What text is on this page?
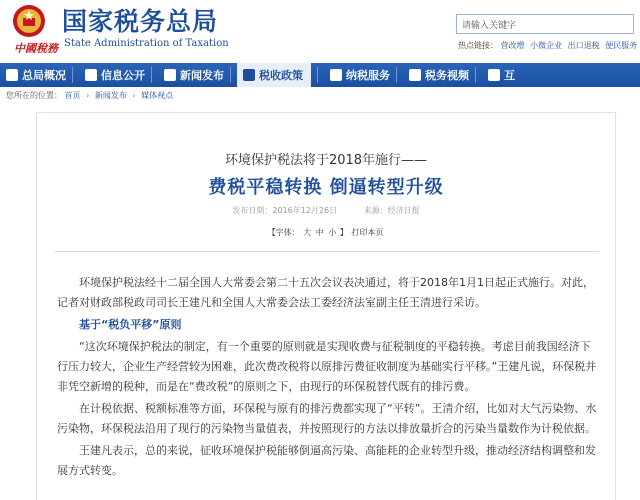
中國稅務
国家税务总局
State Administration of Taxation
请输入关键字
热点链接： 营改增 小微企业 出口退税 便民服务
总局概况	信息公开	新闻发布	税收政策	纳税服务	税务视频	互
您所在的位置： 首页 › 新闻发布 › 媒体视点
环境保护税法将于2018年施行——
费税平稳转换 倒逼转型升级
发布日期：2016年12月26日	来源：经济日报
【字体： 大 中 小 】 打印本页

环境保护税法经十二届全国人大常委会第二十五次会议表决通过，将于2018年1月1日起正式施行。对此，记者对财政部税政司司长王建凡和全国人大常委会法工委经济法室副主任王清进行采访。

基于“税负平移”原则

“这次环境保护税法的制定，有一个重要的原则就是实现收费与征税制度的平稳转换。考虑目前我国经济下行压力较大，企业生产经营较为困难，此次费改税将以原排污费征收制度为基础实行平移。”王建凡说，环保税并非凭空新增的税种，而是在“费改税”的原则之下，由现行的环保税替代既有的排污费。

在计税依据、税额标准等方面，环保税与原有的排污费都实现了“平转”。王清介绍，比如对大气污染物、水污染物，环保税法沿用了现行的污染物当量值表，并按照现行的方法以排放量折合的污染当量数作为计税依据。

王建凡表示，总的来说，征收环境保护税能够倒逼高污染、高能耗的企业转型升级，推动经济结构调整和发展方式转变。
